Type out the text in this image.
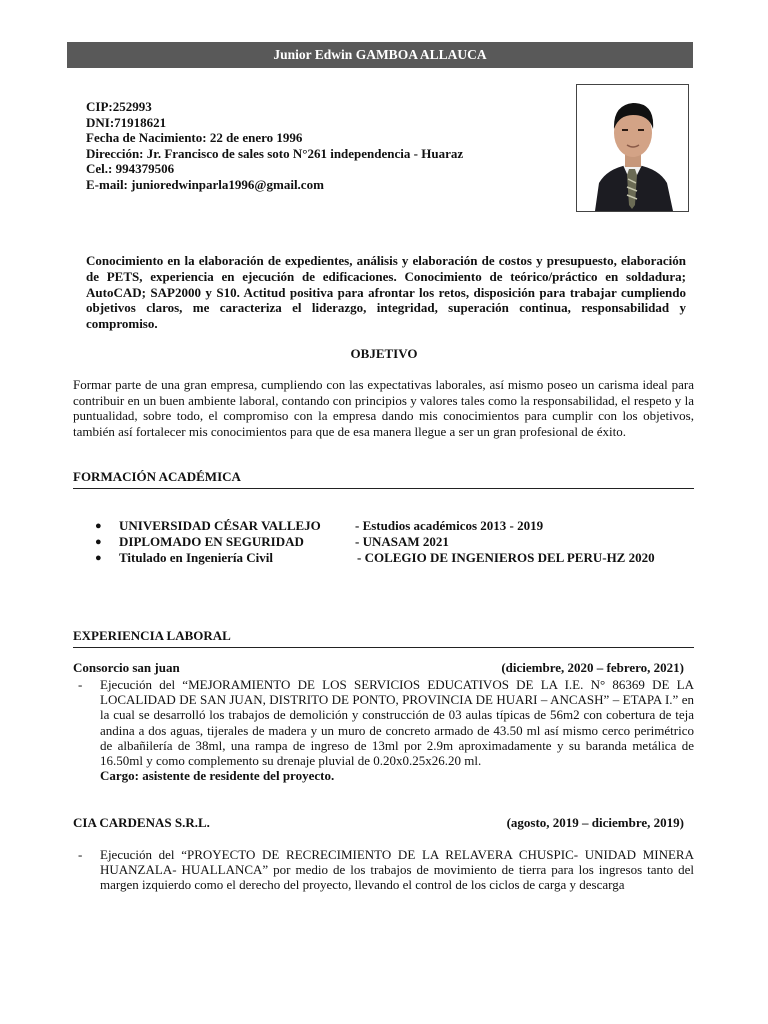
Junior Edwin GAMBOA ALLAUCA
CIP:252993
DNI:71918621
Fecha de Nacimiento: 22 de enero 1996
Dirección: Jr. Francisco de sales soto N°261 independencia - Huaraz
Cel.: 994379506
E-mail: junioredwinparla1996@gmail.com
Conocimiento en la elaboración de expedientes, análisis y elaboración de costos y presupuesto, elaboración de PETS, experiencia en ejecución de edificaciones. Conocimiento de teórico/práctico en soldadura; AutoCAD; SAP2000 y S10. Actitud positiva para afrontar los retos, disposición para trabajar cumpliendo objetivos claros, me caracteriza el liderazgo, integridad, superación continua, responsabilidad y compromiso.
OBJETIVO
Formar parte de una gran empresa, cumpliendo con las expectativas laborales, así mismo poseo un carisma ideal para contribuir en un buen ambiente laboral, contando con principios y valores tales como la responsabilidad, el respeto y la puntualidad, sobre todo, el compromiso con la empresa dando mis conocimientos para cumplir con los objetivos, también así fortalecer mis conocimientos para que de esa manera llegue a ser un gran profesional de éxito.
FORMACIÓN ACADÉMICA
●	UNIVERSIDAD CÉSAR VALLEJO	- Estudios académicos 2013 - 2019
●	DIPLOMADO EN SEGURIDAD	- UNASAM 2021
●	Titulado en Ingeniería Civil	- COLEGIO DE INGENIEROS DEL PERU-HZ 2020
EXPERIENCIA LABORAL
Consorcio san juan	(diciembre, 2020 – febrero, 2021)
-	Ejecución del “MEJORAMIENTO DE LOS SERVICIOS EDUCATIVOS DE LA I.E. N° 86369 DE LA LOCALIDAD DE SAN JUAN, DISTRITO DE PONTO, PROVINCIA DE HUARI – ANCASH” – ETAPA I.” en la cual se desarrolló los trabajos de demolición y construcción de 03 aulas típicas de 56m2 con cobertura de teja andina a dos aguas, tijerales de madera y un muro de concreto armado de 43.50 ml así mismo cerco perimétrico de albañilería de 38ml, una rampa de ingreso de 13ml por 2.9m aproximadamente y su baranda metálica de 16.50ml y como complemento su drenaje pluvial de 0.20x0.25x26.20 ml.
Cargo: asistente de residente del proyecto.
CIA CARDENAS S.R.L.	(agosto, 2019 – diciembre, 2019)
-	Ejecución del “PROYECTO DE RECRECIMIENTO DE LA RELAVERA CHUSPIC- UNIDAD MINERA HUANZALA- HUALLANCA” por medio de los trabajos de movimiento de tierra para los ingresos tanto del margen izquierdo como el derecho del proyecto, llevando el control de los ciclos de carga y descarga
